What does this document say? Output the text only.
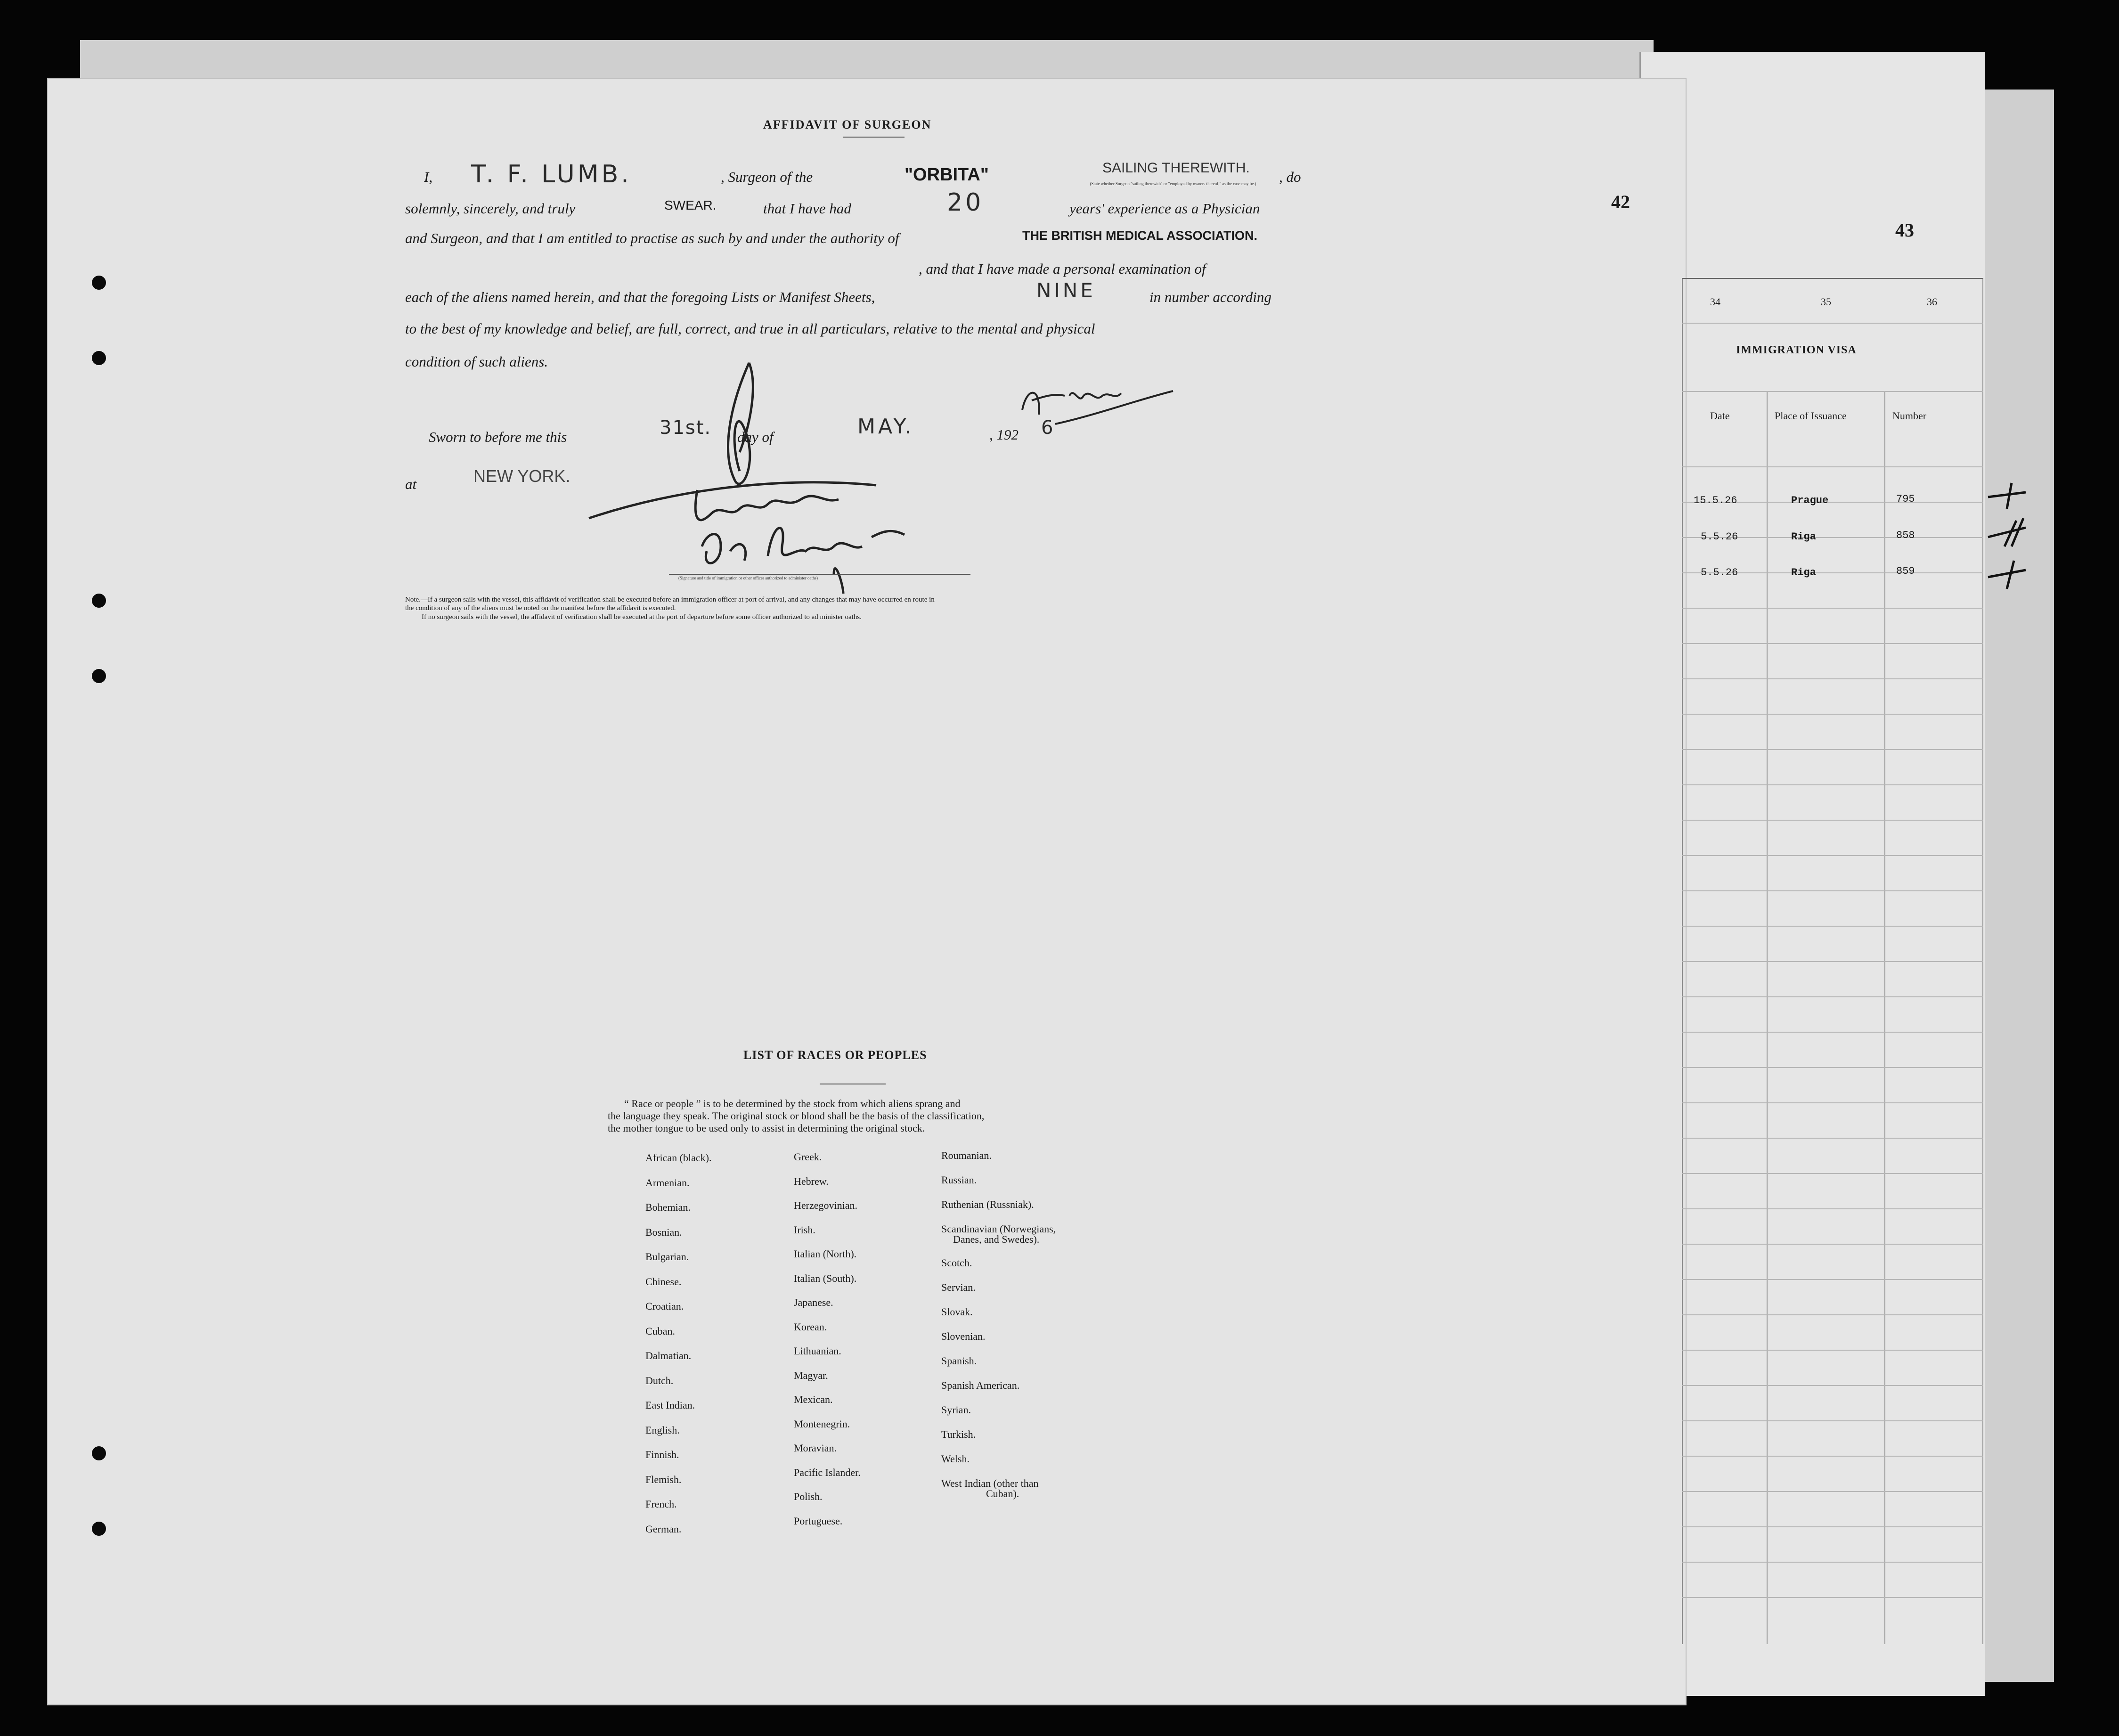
43

42
AFFIDAVIT OF SURGEON
I, T. F. LUMB.	, Surgeon of the	"ORBITA"	SAILING THEREWITH.
(State whether Surgeon "sailing therewith" or "employed by owners thereof," as the case may be.)	, do
solemnly, sincerely, and truly	SWEAR.	that I have had	20	years' experience as a Physician
and Surgeon, and that I am entitled to practise as such by and under the authority of	THE BRITISH MEDICAL ASSOCIATION.
, and that I have made a personal examination of
each of the aliens named herein, and that the foregoing Lists or Manifest Sheets,	NINE	in number according
to the best of my knowledge and belief, are full, correct, and true in all particulars, relative to the mental and physical
condition of such aliens.
Sworn to before me this	31st. day of	MAY.	, 192 6
at	NEW YORK.
(Signature and title of immigration or other officer authorized to administer oaths)
Note.—If a surgeon sails with the vessel, this affidavit of verification shall be executed before an immigration officer at port of arrival, and any changes that may have occurred en route in
the condition of any of the aliens must be noted on the manifest before the affidavit is executed.
If no surgeon sails with the vessel, the affidavit of verification shall be executed at the port of departure before some officer authorized to ad minister oaths.
LIST OF RACES OR PEOPLES
“ Race or people ” is to be determined by the stock from which aliens sprang and
the language they speak. The original stock or blood shall be the basis of the classification,
the mother tongue to be used only to assist in determining the original stock.
African (black).
Armenian.
Bohemian.
Bosnian.
Bulgarian.
Chinese.
Croatian.
Cuban.
Dalmatian.
Dutch.
East Indian.
English.
Finnish.
Flemish.
French.
German.
Greek.
Hebrew.
Herzegovinian.
Irish.
Italian (North).
Italian (South).
Japanese.
Korean.
Lithuanian.
Magyar.
Mexican.
Montenegrin.
Moravian.
Pacific Islander.
Polish.
Portuguese.
Roumanian.
Russian.
Ruthenian (Russniak).
Scandinavian (Norwegians,
Danes, and Swedes).
Scotch.
Servian.
Slovak.
Slovenian.
Spanish.
Spanish American.
Syrian.
Turkish.
Welsh.
West Indian (other than
Cuban).
34	35	36
IMMIGRATION VISA
Date	Place of Issuance	Number
15.5.26	Prague	795
5.5.26	Riga	858
5.5.26	Riga	859
